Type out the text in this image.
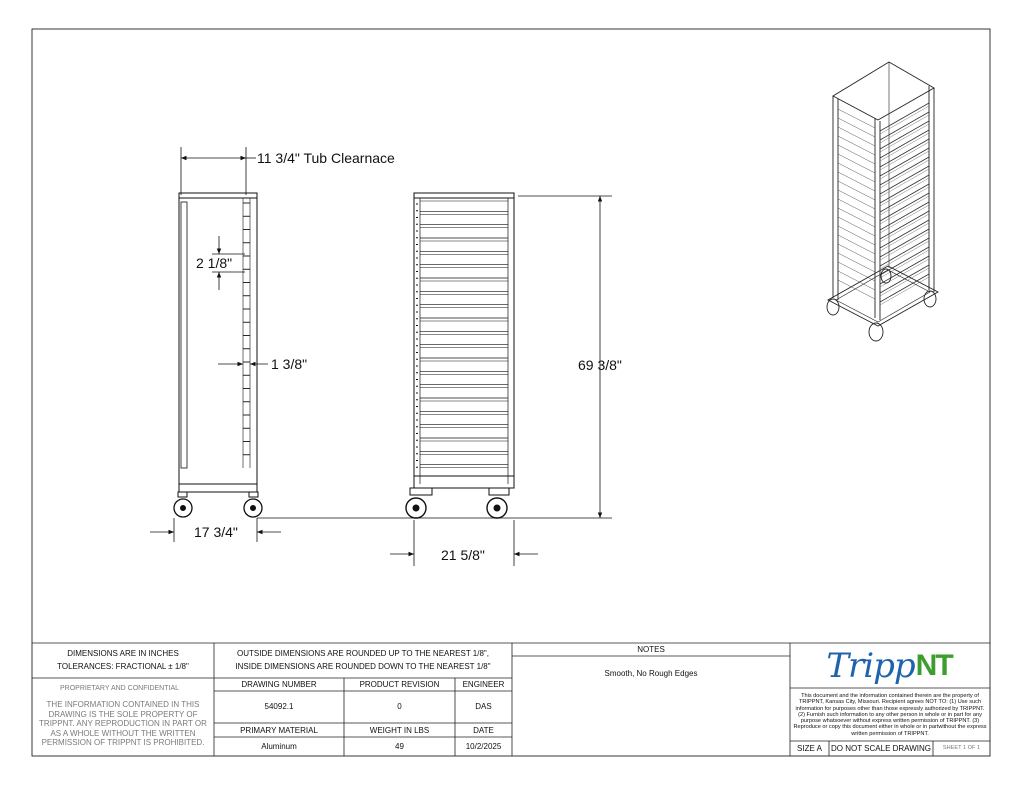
11 3/4" Tub Clearnace
2 1/8"
1 3/8"
17 3/4"
21 5/8"
69 3/8"
DIMENSIONS ARE IN INCHES
TOLERANCES: FRACTIONAL ± 1/8"
OUTSIDE DIMENSIONS ARE ROUNDED UP TO THE NEAREST 1/8",
INSIDE DIMENSIONS ARE ROUNDED DOWN TO THE NEAREST 1/8"
NOTES
Smooth, No Rough Edges
PROPRIETARY AND CONFIDENTIAL
THE INFORMATION CONTAINED IN THIS DRAWING IS THE SOLE PROPERTY OF TRIPPNT. ANY REPRODUCTION IN PART OR AS A WHOLE WITHOUT THE WRITTEN PERMISSION OF TRIPPNT IS PROHIBITED.
DRAWING NUMBER
54092.1
PRODUCT REVISION
0
ENGINEER
DAS
PRIMARY MATERIAL
Aluminum
WEIGHT IN LBS
49
DATE
10/2/2025
Tripp NT
This document and the information contained therein are the property of TRIPPNT, Kansas City, Missouri. Recipient agrees NOT TO: (1) Use such information for purposes other than those expressly authorized by TRIPPNT. (2) Furnish such information to any other person in whole or in part for any purpose whatsoever without express written permission of TRIPPNT. (3) Reproduce or copy this document either in whole or in partwithout the express written permission of TRIPPNT.
SIZE A	DO NOT SCALE DRAWING	SHEET 1 OF 1
